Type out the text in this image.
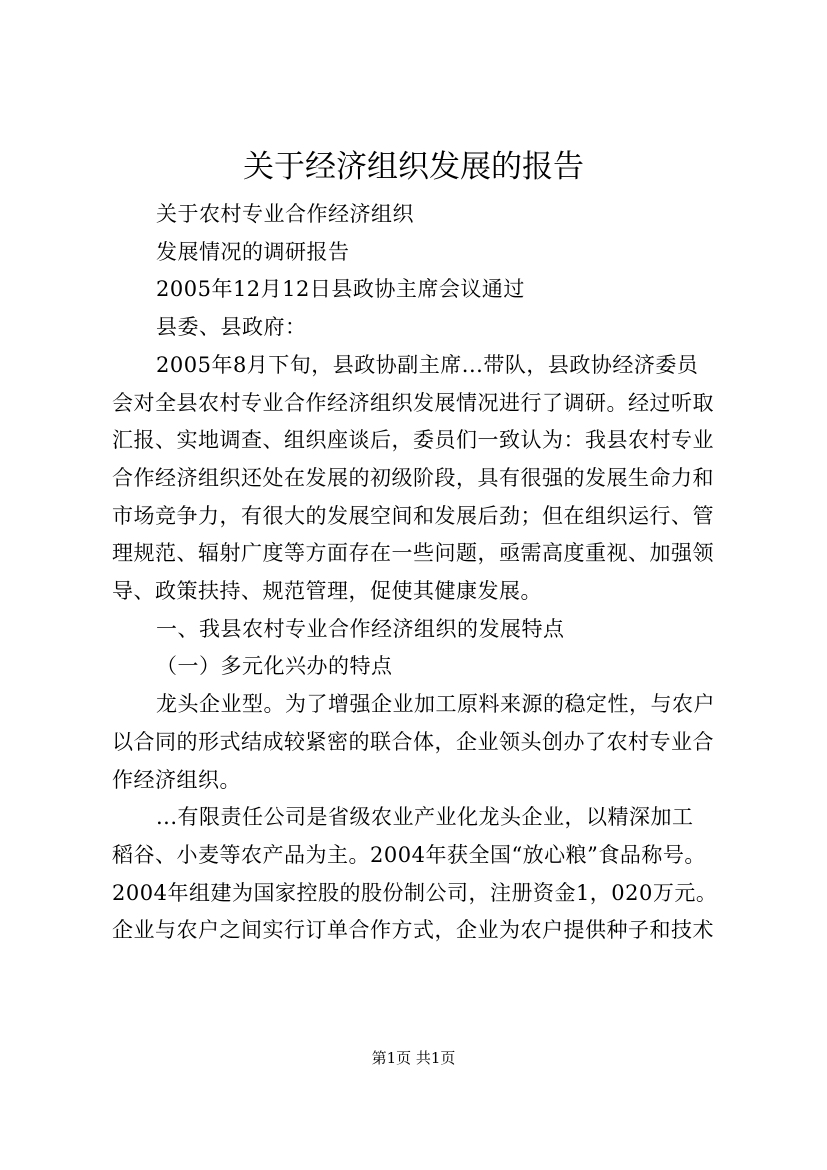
关于经济组织发展的报告

关于农村专业合作经济组织

发展情况的调研报告

2005年12月12日县政协主席会议通过

县委、县政府：

2005年8月下旬，县政协副主席...带队，县政协经济委员

会对全县农村专业合作经济组织发展情况进行了调研。经过听取

汇报、实地调查、组织座谈后，委员们一致认为：我县农村专业

合作经济组织还处在发展的初级阶段，具有很强的发展生命力和

市场竞争力，有很大的发展空间和发展后劲；但在组织运行、管

理规范、辐射广度等方面存在一些问题，亟需高度重视、加强领

导、政策扶持、规范管理，促使其健康发展。

一、我县农村专业合作经济组织的发展特点

（一）多元化兴办的特点

龙头企业型。为了增强企业加工原料来源的稳定性，与农户

以合同的形式结成较紧密的联合体，企业领头创办了农村专业合

作经济组织。

...有限责任公司是省级农业产业化龙头企业，以精深加工

稻谷、小麦等农产品为主。2004年获全国“放心粮”食品称号。

2004年组建为国家控股的股份制公司，注册资金1，020万元。

企业与农户之间实行订单合作方式，企业为农户提供种子和技术

第1页 共1页
